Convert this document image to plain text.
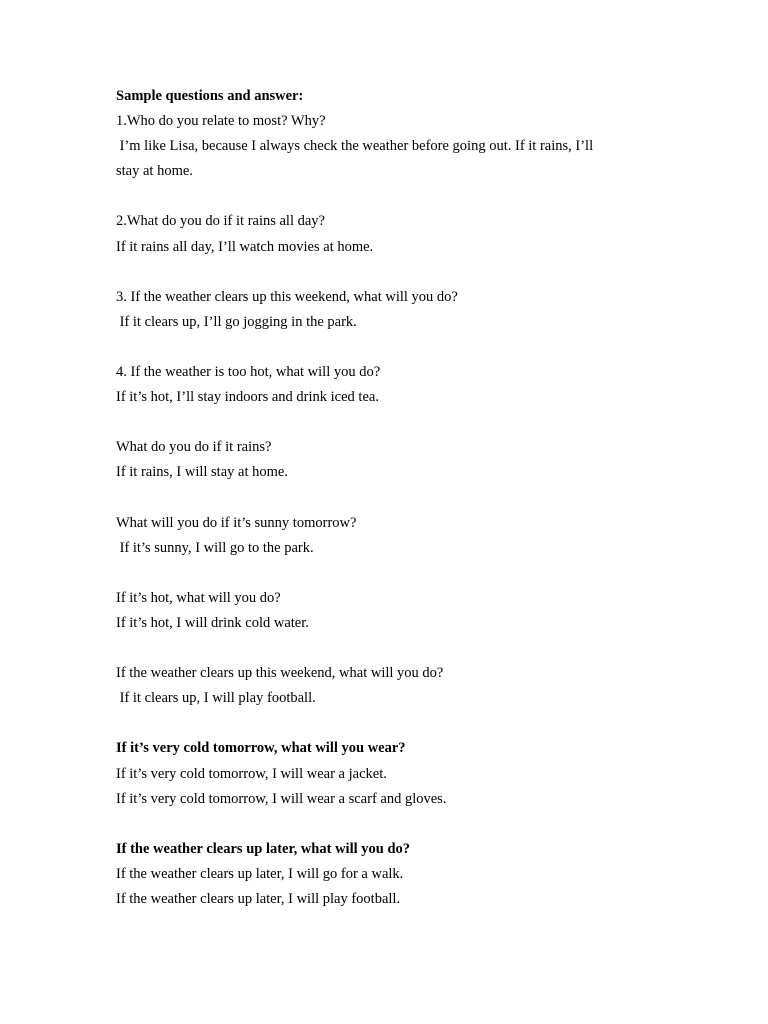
Sample questions and answer:
1.Who do you relate to most? Why?
I’m like Lisa, because I always check the weather before going out. If it rains, I’ll
stay at home.
2.What do you do if it rains all day?
If it rains all day, I’ll watch movies at home.
3. If the weather clears up this weekend, what will you do?
If it clears up, I’ll go jogging in the park.
4. If the weather is too hot, what will you do?
If it’s hot, I’ll stay indoors and drink iced tea.
What do you do if it rains?
If it rains, I will stay at home.
What will you do if it’s sunny tomorrow?
If it’s sunny, I will go to the park.
If it’s hot, what will you do?
If it’s hot, I will drink cold water.
If the weather clears up this weekend, what will you do?
If it clears up, I will play football.
If it’s very cold tomorrow, what will you wear?
If it’s very cold tomorrow, I will wear a jacket.
If it’s very cold tomorrow, I will wear a scarf and gloves.
If the weather clears up later, what will you do?
If the weather clears up later, I will go for a walk.
If the weather clears up later, I will play football.
